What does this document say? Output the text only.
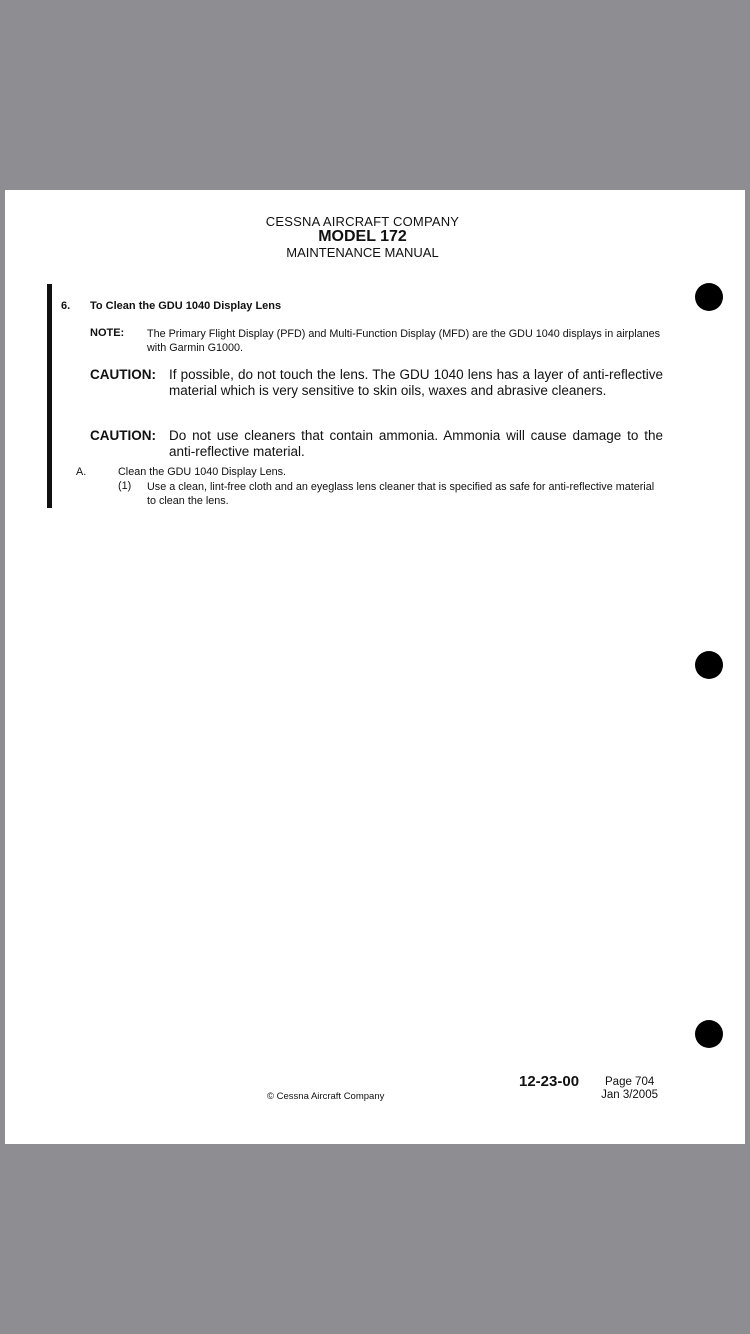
CESSNA AIRCRAFT COMPANY
MODEL 172
MAINTENANCE MANUAL
6. To Clean the GDU 1040 Display Lens
NOTE: The Primary Flight Display (PFD) and Multi-Function Display (MFD) are the GDU 1040 displays in airplanes with Garmin G1000.
CAUTION: If possible, do not touch the lens. The GDU 1040 lens has a layer of anti-reflective material which is very sensitive to skin oils, waxes and abrasive cleaners.
CAUTION: Do not use cleaners that contain ammonia. Ammonia will cause damage to the anti-reflective material.
A.	Clean the GDU 1040 Display Lens.
(1) Use a clean, lint-free cloth and an eyeglass lens cleaner that is specified as safe for anti-reflective material to clean the lens.
© Cessna Aircraft Company
12-23-00 Page 704
Jan 3/2005
